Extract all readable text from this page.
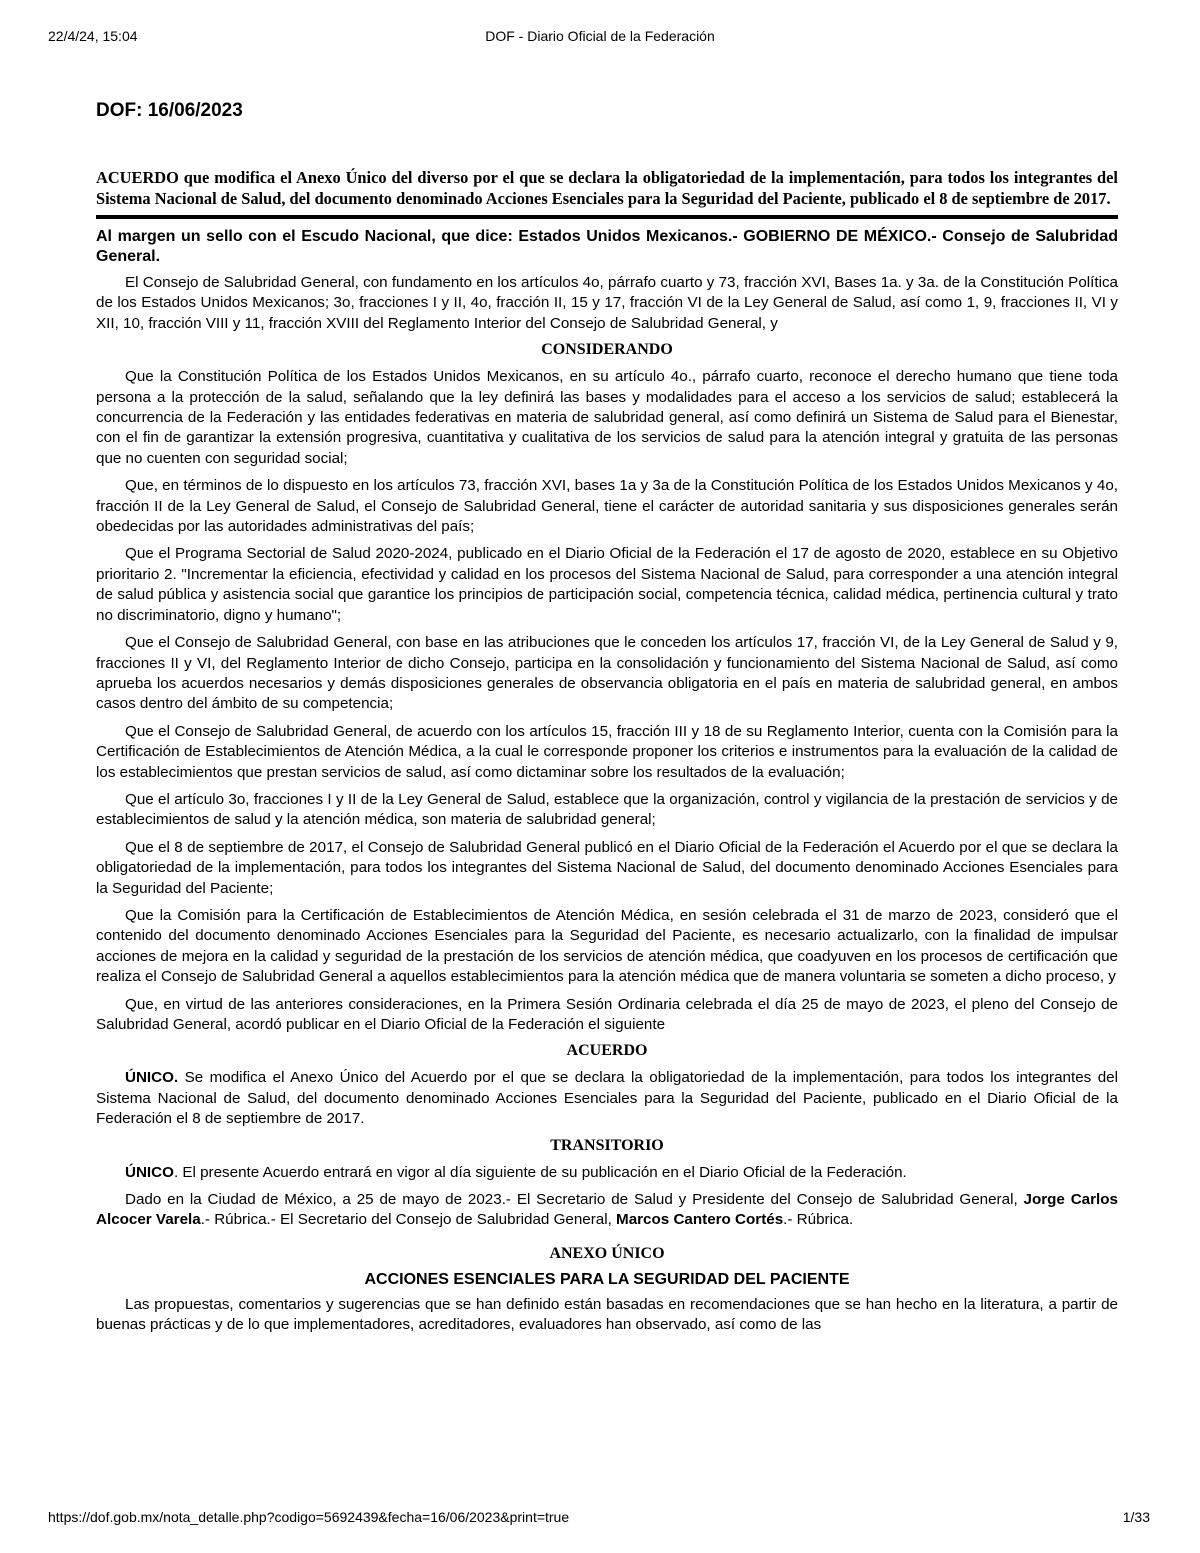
22/4/24, 15:04	DOF - Diario Oficial de la Federación
DOF: 16/06/2023
ACUERDO que modifica el Anexo Único del diverso por el que se declara la obligatoriedad de la implementación, para todos los integrantes del Sistema Nacional de Salud, del documento denominado Acciones Esenciales para la Seguridad del Paciente, publicado el 8 de septiembre de 2017.
Al margen un sello con el Escudo Nacional, que dice: Estados Unidos Mexicanos.- GOBIERNO DE MÉXICO.- Consejo de Salubridad General.

El Consejo de Salubridad General, con fundamento en los artículos 4o, párrafo cuarto y 73, fracción XVI, Bases 1a. y 3a. de la Constitución Política de los Estados Unidos Mexicanos; 3o, fracciones I y II, 4o, fracción II, 15 y 17, fracción VI de la Ley General de Salud, así como 1, 9, fracciones II, VI y XII, 10, fracción VIII y 11, fracción XVIII del Reglamento Interior del Consejo de Salubridad General, y

CONSIDERANDO

Que la Constitución Política de los Estados Unidos Mexicanos, en su artículo 4o., párrafo cuarto, reconoce el derecho humano que tiene toda persona a la protección de la salud, señalando que la ley definirá las bases y modalidades para el acceso a los servicios de salud; establecerá la concurrencia de la Federación y las entidades federativas en materia de salubridad general, así como definirá un Sistema de Salud para el Bienestar, con el fin de garantizar la extensión progresiva, cuantitativa y cualitativa de los servicios de salud para la atención integral y gratuita de las personas que no cuenten con seguridad social;

Que, en términos de lo dispuesto en los artículos 73, fracción XVI, bases 1a y 3a de la Constitución Política de los Estados Unidos Mexicanos y 4o, fracción II de la Ley General de Salud, el Consejo de Salubridad General, tiene el carácter de autoridad sanitaria y sus disposiciones generales serán obedecidas por las autoridades administrativas del país;

Que el Programa Sectorial de Salud 2020-2024, publicado en el Diario Oficial de la Federación el 17 de agosto de 2020, establece en su Objetivo prioritario 2. "Incrementar la eficiencia, efectividad y calidad en los procesos del Sistema Nacional de Salud, para corresponder a una atención integral de salud pública y asistencia social que garantice los principios de participación social, competencia técnica, calidad médica, pertinencia cultural y trato no discriminatorio, digno y humano";

Que el Consejo de Salubridad General, con base en las atribuciones que le conceden los artículos 17, fracción VI, de la Ley General de Salud y 9, fracciones II y VI, del Reglamento Interior de dicho Consejo, participa en la consolidación y funcionamiento del Sistema Nacional de Salud, así como aprueba los acuerdos necesarios y demás disposiciones generales de observancia obligatoria en el país en materia de salubridad general, en ambos casos dentro del ámbito de su competencia;

Que el Consejo de Salubridad General, de acuerdo con los artículos 15, fracción III y 18 de su Reglamento Interior, cuenta con la Comisión para la Certificación de Establecimientos de Atención Médica, a la cual le corresponde proponer los criterios e instrumentos para la evaluación de la calidad de los establecimientos que prestan servicios de salud, así como dictaminar sobre los resultados de la evaluación;

Que el artículo 3o, fracciones I y II de la Ley General de Salud, establece que la organización, control y vigilancia de la prestación de servicios y de establecimientos de salud y la atención médica, son materia de salubridad general;

Que el 8 de septiembre de 2017, el Consejo de Salubridad General publicó en el Diario Oficial de la Federación el Acuerdo por el que se declara la obligatoriedad de la implementación, para todos los integrantes del Sistema Nacional de Salud, del documento denominado Acciones Esenciales para la Seguridad del Paciente;

Que la Comisión para la Certificación de Establecimientos de Atención Médica, en sesión celebrada el 31 de marzo de 2023, consideró que el contenido del documento denominado Acciones Esenciales para la Seguridad del Paciente, es necesario actualizarlo, con la finalidad de impulsar acciones de mejora en la calidad y seguridad de la prestación de los servicios de atención médica, que coadyuven en los procesos de certificación que realiza el Consejo de Salubridad General a aquellos establecimientos para la atención médica que de manera voluntaria se someten a dicho proceso, y

Que, en virtud de las anteriores consideraciones, en la Primera Sesión Ordinaria celebrada el día 25 de mayo de 2023, el pleno del Consejo de Salubridad General, acordó publicar en el Diario Oficial de la Federación el siguiente

ACUERDO

ÚNICO. Se modifica el Anexo Único del Acuerdo por el que se declara la obligatoriedad de la implementación, para todos los integrantes del Sistema Nacional de Salud, del documento denominado Acciones Esenciales para la Seguridad del Paciente, publicado en el Diario Oficial de la Federación el 8 de septiembre de 2017.

TRANSITORIO

ÚNICO. El presente Acuerdo entrará en vigor al día siguiente de su publicación en el Diario Oficial de la Federación.

Dado en la Ciudad de México, a 25 de mayo de 2023.- El Secretario de Salud y Presidente del Consejo de Salubridad General, Jorge Carlos Alcocer Varela.- Rúbrica.- El Secretario del Consejo de Salubridad General, Marcos Cantero Cortés.- Rúbrica.

ANEXO ÚNICO
ACCIONES ESENCIALES PARA LA SEGURIDAD DEL PACIENTE

Las propuestas, comentarios y sugerencias que se han definido están basadas en recomendaciones que se han hecho en la literatura, a partir de buenas prácticas y de lo que implementadores, acreditadores, evaluadores han observado, así como de las

https://dof.gob.mx/nota_detalle.php?codigo=5692439&fecha=16/06/2023&print=true	1/33
